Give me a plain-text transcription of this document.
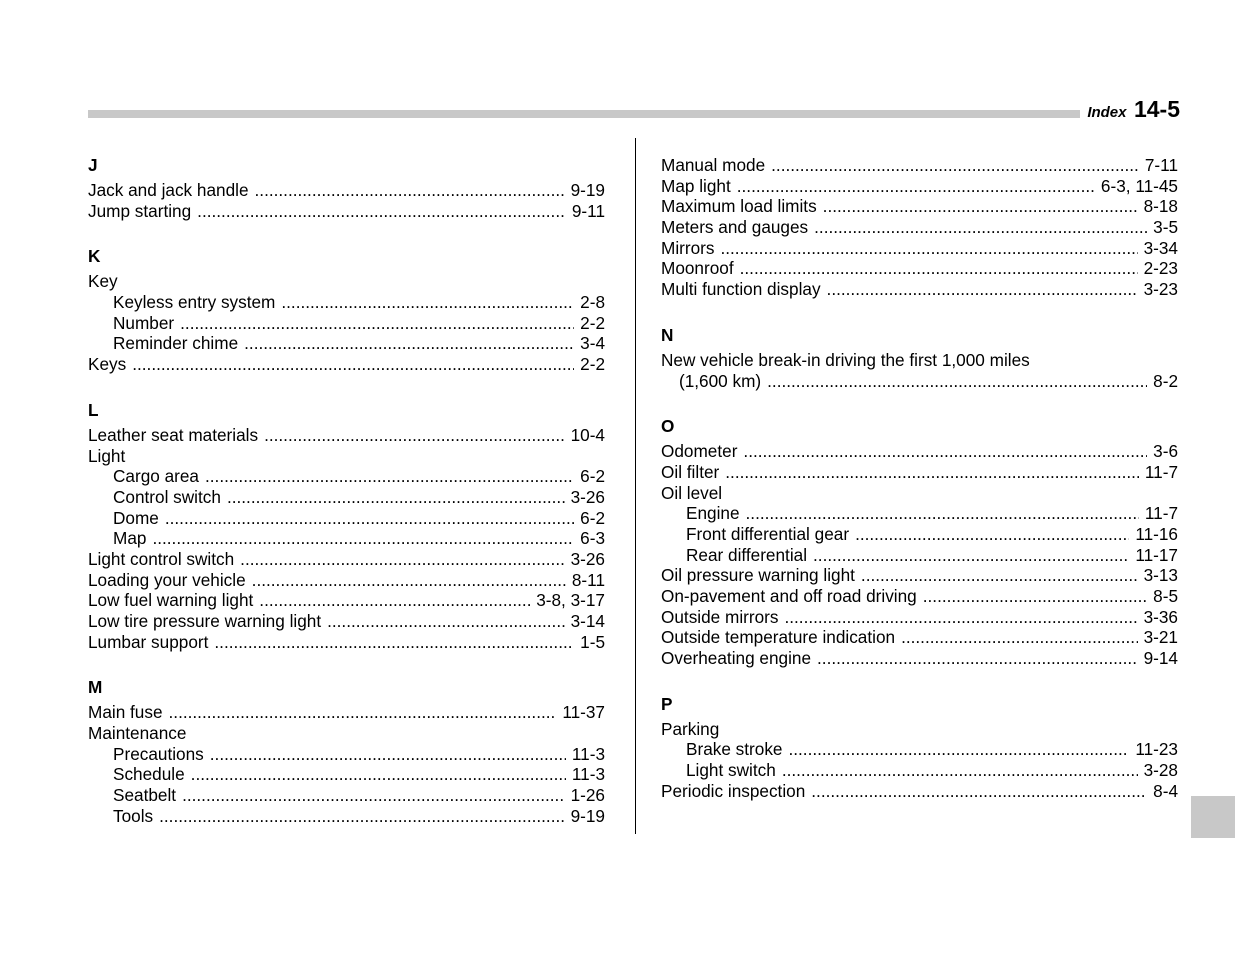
Index 14-5
J
Jack and jack handle .....	9-19
Jump starting .....	9-11
K
Key
Keyless entry system .....	2-8
Number .....	2-2
Reminder chime .....	3-4
Keys .....	2-2
L
Leather seat materials .....	10-4
Light
Cargo area .....	6-2
Control switch .....	3-26
Dome .....	6-2
Map .....	6-3
Light control switch .....	3-26
Loading your vehicle .....	8-11
Low fuel warning light .....	3-8, 3-17
Low tire pressure warning light .....	3-14
Lumbar support .....	1-5
M
Main fuse .....	11-37
Maintenance
Precautions .....	11-3
Schedule .....	11-3
Seatbelt .....	1-26
Tools .....	9-19
Manual mode .....	7-11
Map light .....	6-3, 11-45
Maximum load limits .....	8-18
Meters and gauges .....	3-5
Mirrors .....	3-34
Moonroof .....	2-23
Multi function display .....	3-23
N
New vehicle break-in driving the first 1,000 miles
(1,600 km) .....	8-2
O
Odometer .....	3-6
Oil filter .....	11-7
Oil level
Engine .....	11-7
Front differential gear .....	11-16
Rear differential .....	11-17
Oil pressure warning light .....	3-13
On-pavement and off road driving .....	8-5
Outside mirrors .....	3-36
Outside temperature indication .....	3-21
Overheating engine .....	9-14
P
Parking
Brake stroke .....	11-23
Light switch .....	3-28
Periodic inspection .....	8-4
